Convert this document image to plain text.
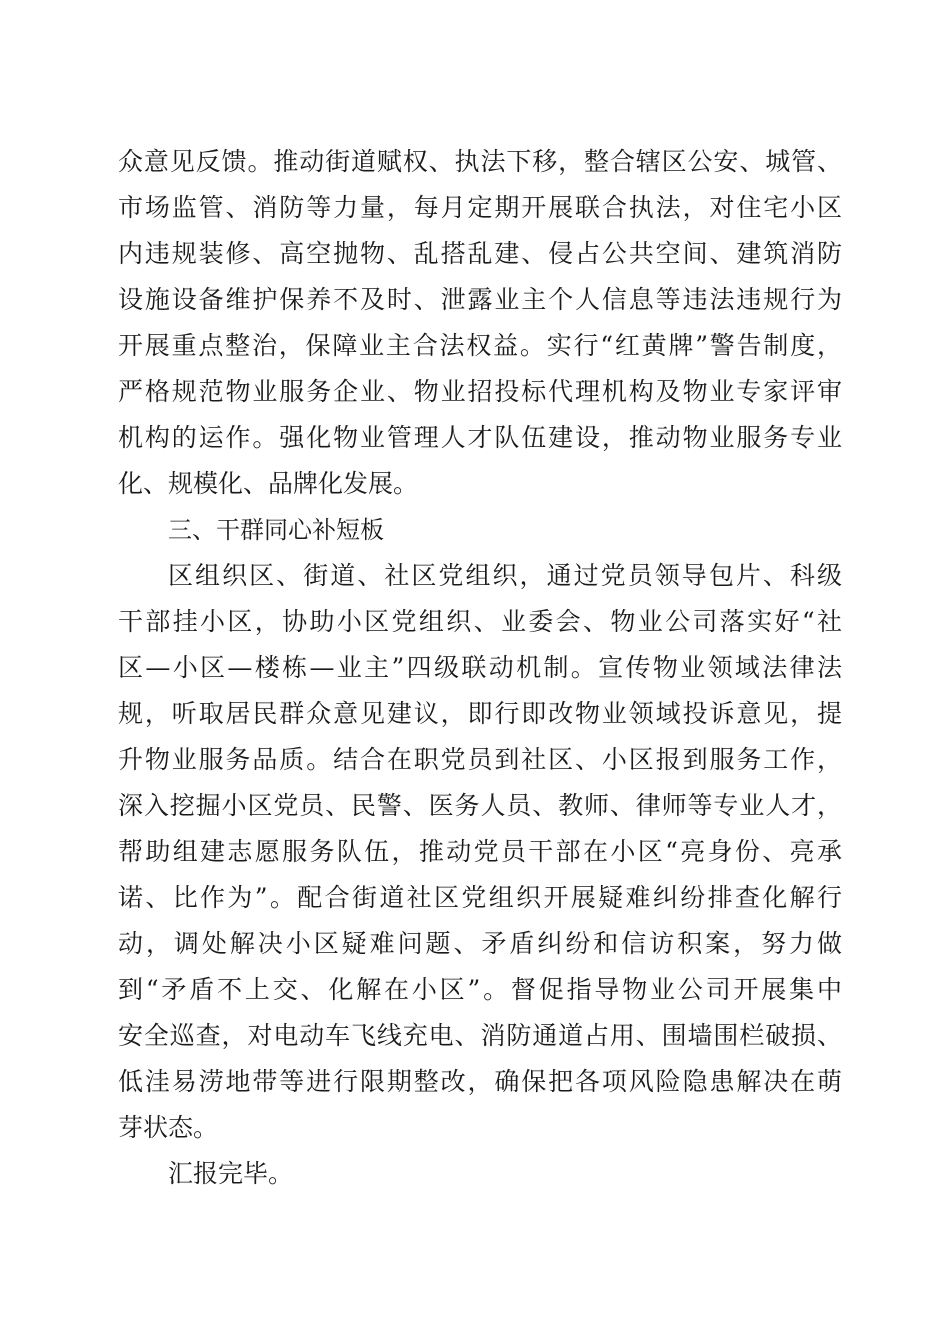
众意见反馈。推动街道赋权、执法下移，整合辖区公安、城管、
市场监管、消防等力量，每月定期开展联合执法，对住宅小区
内违规装修、高空抛物、乱搭乱建、侵占公共空间、建筑消防
设施设备维护保养不及时、泄露业主个人信息等违法违规行为
开展重点整治，保障业主合法权益。实行“红黄牌”警告制度，
严格规范物业服务企业、物业招投标代理机构及物业专家评审
机构的运作。强化物业管理人才队伍建设，推动物业服务专业
化、规模化、品牌化发展。
三、干群同心补短板
区组织区、街道、社区党组织，通过党员领导包片、科级
干部挂小区，协助小区党组织、业委会、物业公司落实好“社
区—小区—楼栋—业主”四级联动机制。宣传物业领域法律法
规，听取居民群众意见建议，即行即改物业领域投诉意见，提
升物业服务品质。结合在职党员到社区、小区报到服务工作，
深入挖掘小区党员、民警、医务人员、教师、律师等专业人才，
帮助组建志愿服务队伍，推动党员干部在小区“亮身份、亮承
诺、比作为”。配合街道社区党组织开展疑难纠纷排查化解行
动，调处解决小区疑难问题、矛盾纠纷和信访积案，努力做
到“矛盾不上交、化解在小区”。督促指导物业公司开展集中
安全巡查，对电动车飞线充电、消防通道占用、围墙围栏破损、
低洼易涝地带等进行限期整改，确保把各项风险隐患解决在萌
芽状态。
汇报完毕。
